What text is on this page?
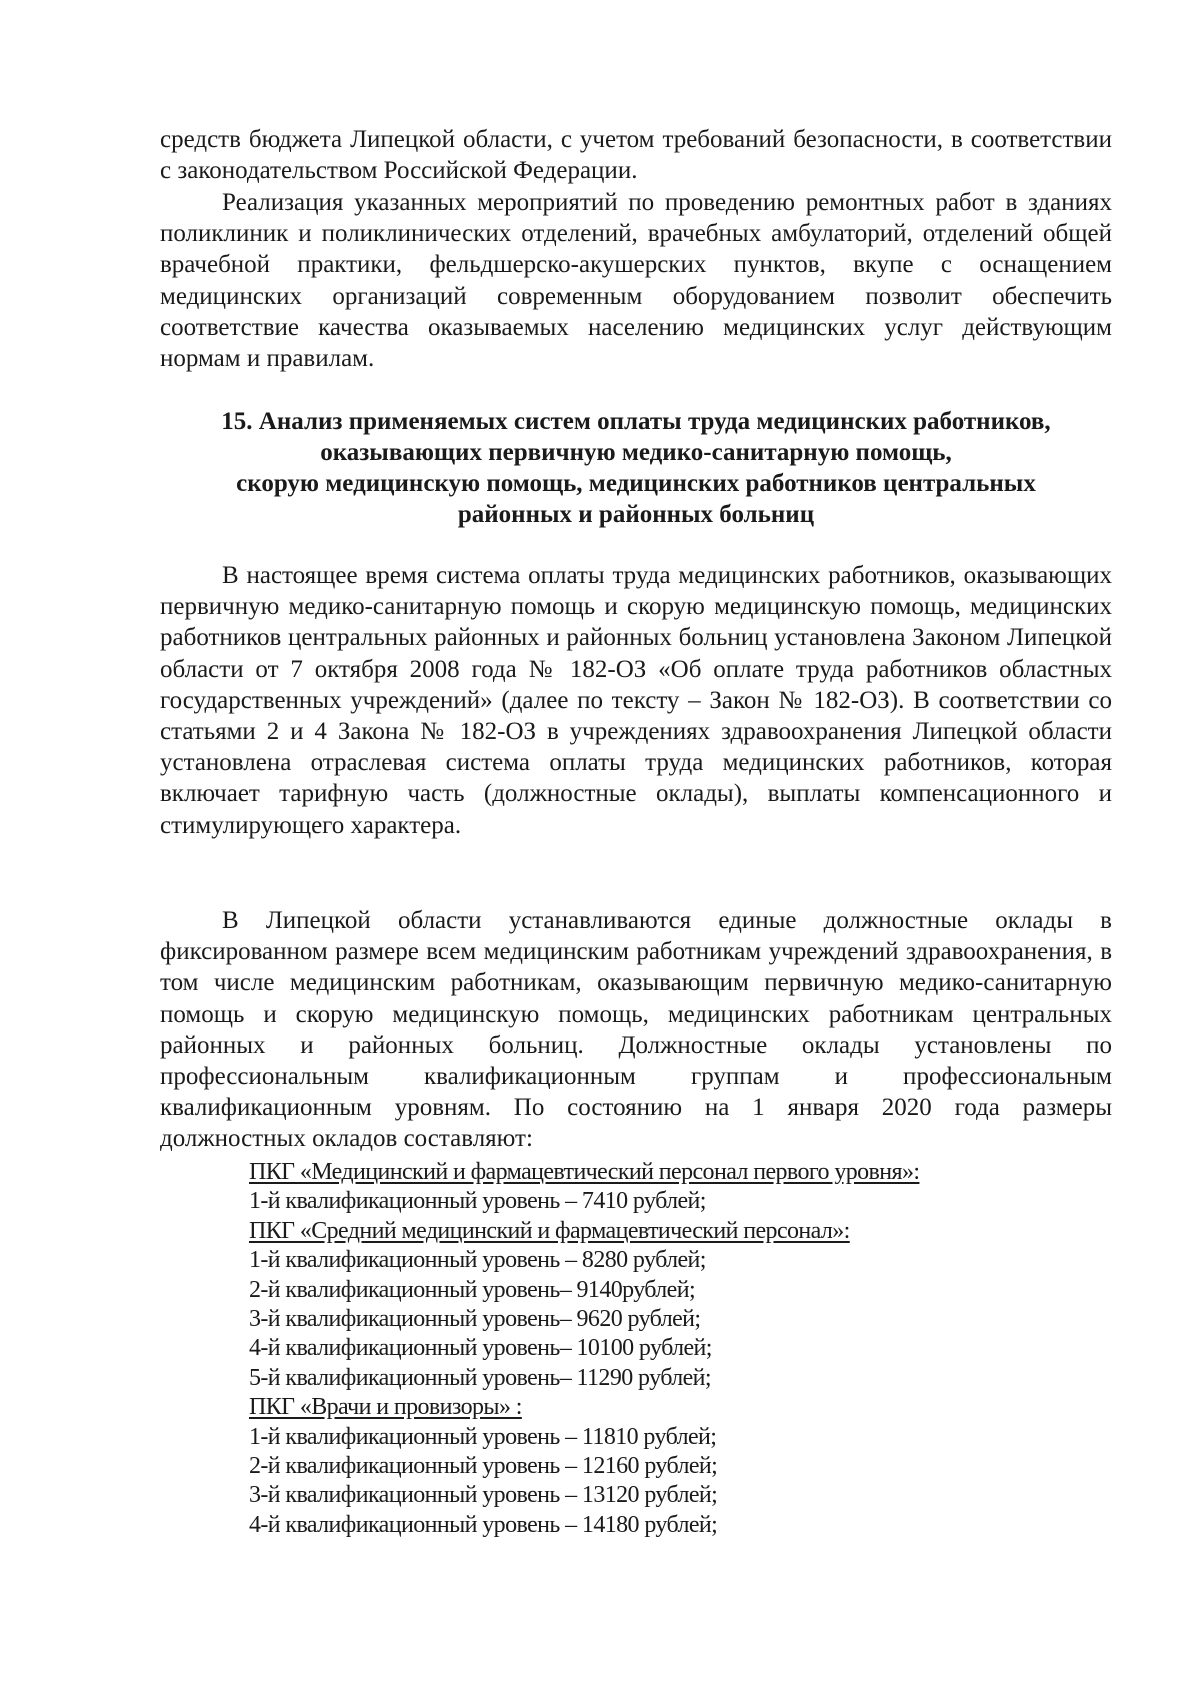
средств бюджета Липецкой области, с учетом требований безопасности, в соответствии с законодательством Российской Федерации.

Реализация указанных мероприятий по проведению ремонтных работ в зданиях поликлиник и поликлинических отделений, врачебных амбулаторий, отделений общей врачебной практики, фельдшерско-акушерских пунктов, вкупе с оснащением медицинских организаций современным оборудованием позволит обеспечить соответствие качества оказываемых населению медицинских услуг действующим нормам и правилам.

15. Анализ применяемых систем оплаты труда медицинских работников,
оказывающих первичную медико-санитарную помощь,
скорую медицинскую помощь, медицинских работников центральных
районных и районных больниц

В настоящее время система оплаты труда медицинских работников, оказывающих первичную медико-санитарную помощь и скорую медицинскую помощь, медицинских работников центральных районных и районных больниц установлена Законом Липецкой области от 7 октября 2008 года № 182-ОЗ «Об оплате труда работников областных государственных учреждений» (далее по тексту – Закон № 182-ОЗ). В соответствии со статьями 2 и 4 Закона № 182-ОЗ в учреждениях здравоохранения Липецкой области установлена отраслевая система оплаты труда медицинских работников, которая включает тарифную часть (должностные оклады), выплаты компенсационного и стимулирующего характера.

В Липецкой области устанавливаются единые должностные оклады в фиксированном размере всем медицинским работникам учреждений здравоохранения, в том числе медицинским работникам, оказывающим первичную медико-санитарную помощь и скорую медицинскую помощь, медицинских работникам центральных районных и районных больниц. Должностные оклады установлены по профессиональным квалификационным группам и профессиональным квалификационным уровням. По состоянию на 1 января 2020 года размеры должностных окладов составляют:

ПКГ «Медицинский и фармацевтический персонал первого уровня»:
1-й квалификационный уровень – 7410 рублей;
ПКГ «Средний медицинский и фармацевтический персонал»:
1-й квалификационный уровень – 8280 рублей;
2-й квалификационный уровень– 9140рублей;
3-й квалификационный уровень– 9620 рублей;
4-й квалификационный уровень– 10100 рублей;
5-й квалификационный уровень– 11290 рублей;
ПКГ «Врачи и провизоры» :
1-й квалификационный уровень – 11810 рублей;
2-й квалификационный уровень – 12160 рублей;
3-й квалификационный уровень – 13120 рублей;
4-й квалификационный уровень – 14180 рублей;
